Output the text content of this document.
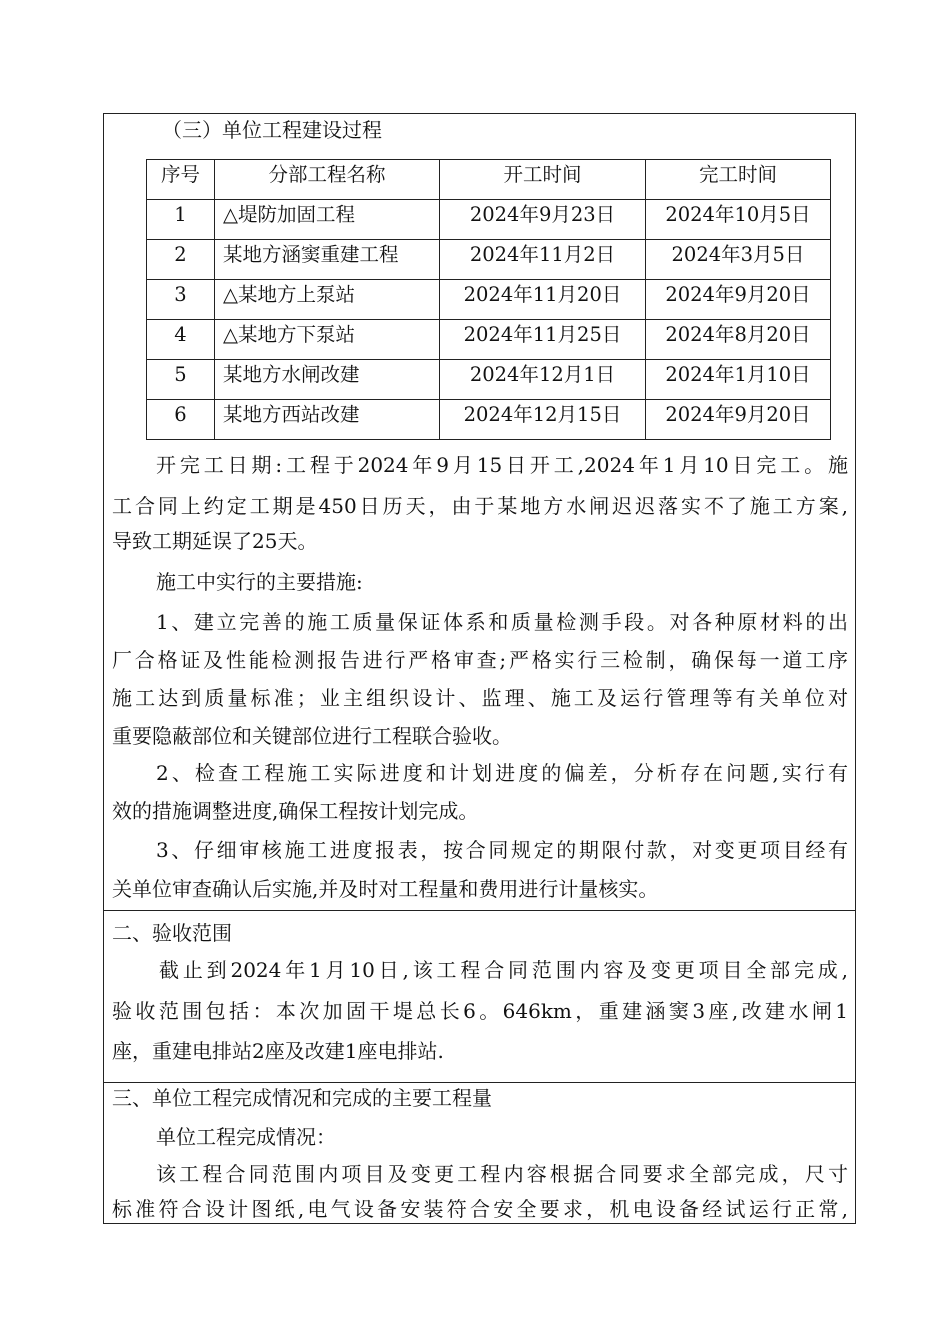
（三）单位工程建设过程
序号	分部工程名称	开工时间	完工时间
1	△堤防加固工程	2024年9月23日	2024年10月5日
2	某地方涵窦重建工程	2024年11月2日	2024年3月5日
3	△某地方上泵站	2024年11月20日	2024年9月20日
4	△某地方下泵站	2024年11月25日	2024年8月20日
5	某地方水闸改建	2024年12月1日	2024年1月10日
6	某地方西站改建	2024年12月15日	2024年9月20日
开完工日期:工程于2024年9月15日开工,2024年1月10日完工。施
工合同上约定工期是450日历天，由于某地方水闸迟迟落实不了施工方案,
导致工期延误了25天。
施工中实行的主要措施:
1、建立完善的施工质量保证体系和质量检测手段。对各种原材料的出
厂合格证及性能检测报告进行严格审查;严格实行三检制，确保每一道工序
施工达到质量标准；业主组织设计、监理、施工及运行管理等有关单位对
重要隐蔽部位和关键部位进行工程联合验收。
2、检查工程施工实际进度和计划进度的偏差，分析存在问题,实行有
效的措施调整进度,确保工程按计划完成。
3、仔细审核施工进度报表，按合同规定的期限付款，对变更项目经有
关单位审查确认后实施,并及时对工程量和费用进行计量核实。
二、验收范围
截止到2024年1月10日,该工程合同范围内容及变更项目全部完成,
验收范围包括：本次加固干堤总长6。646km，重建涵窦3座,改建水闸1
座，重建电排站2座及改建1座电排站.
三、单位工程完成情况和完成的主要工程量
单位工程完成情况：
该工程合同范围内项目及变更工程内容根据合同要求全部完成，尺寸
标准符合设计图纸,电气设备安装符合安全要求，机电设备经试运行正常,
